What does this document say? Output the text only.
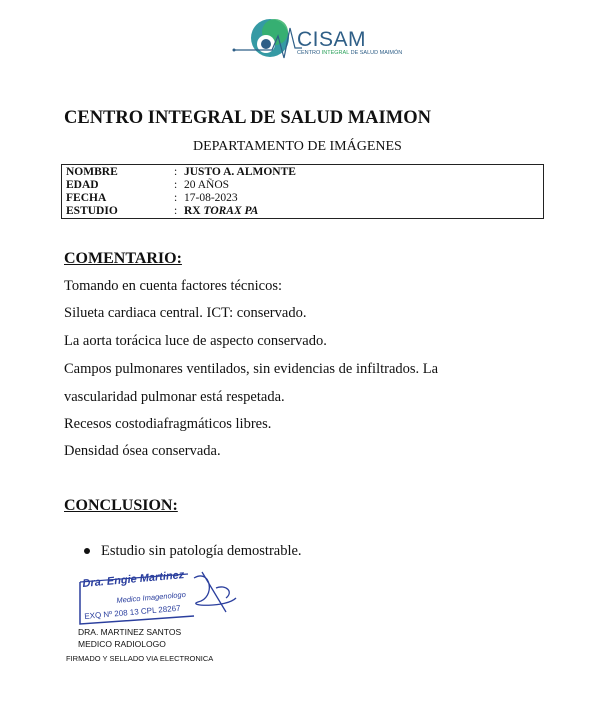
CISAM
CENTRO INTEGRAL DE SALUD MAIMÓN
CENTRO INTEGRAL DE SALUD MAIMON
DEPARTAMENTO DE IMÁGENES
NOMBRE	: JUSTO A. ALMONTE
EDAD	: 20 AÑOS
FECHA	: 17-08-2023
ESTUDIO	: RX TORAX PA
COMENTARIO:
Tomando en cuenta factores técnicos:
Silueta cardiaca central. ICT: conservado.
La aorta torácica luce de aspecto conservado.
Campos pulmonares ventilados, sin evidencias de infiltrados. La
vascularidad pulmonar está respetada.
Recesos costodiafragmáticos libres.
Densidad ósea conservada.
CONCLUSION:
Estudio sin patología demostrable.
Dra. Engie Martinez
Medico Imagenologo
EXQ Nº 208 13 CPL 28267
DRA. MARTINEZ SANTOS
MEDICO RADIOLOGO
FIRMADO Y SELLADO VIA ELECTRONICA
